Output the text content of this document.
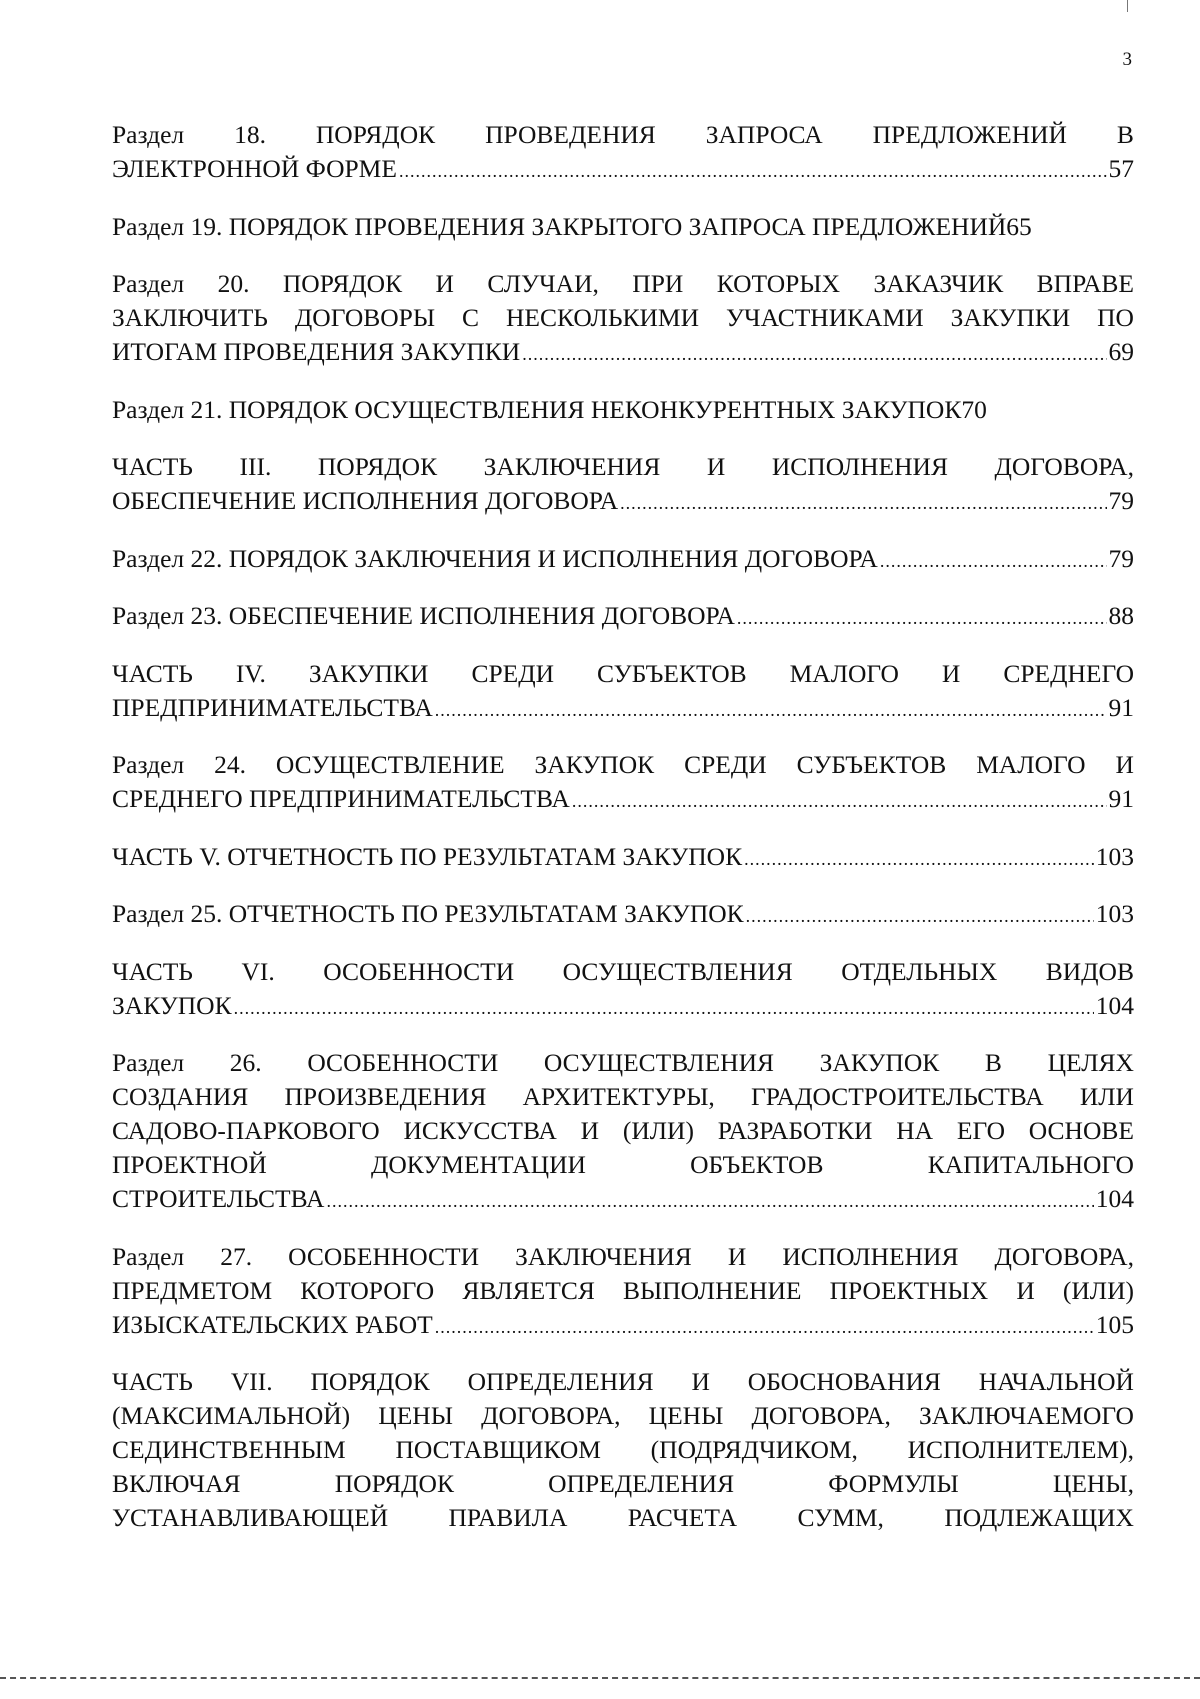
3
Раздел 18. ПОРЯДОК ПРОВЕДЕНИЯ ЗАПРОСА ПРЕДЛОЖЕНИЙ В
ЭЛЕКТРОННОЙ ФОРМЕ .....	57
Раздел 19. ПОРЯДОК ПРОВЕДЕНИЯ ЗАКРЫТОГО ЗАПРОСА ПРЕДЛОЖЕНИЙ 65
Раздел 20. ПОРЯДОК И СЛУЧАИ, ПРИ КОТОРЫХ ЗАКАЗЧИК ВПРАВЕ
ЗАКЛЮЧИТЬ ДОГОВОРЫ С НЕСКОЛЬКИМИ УЧАСТНИКАМИ ЗАКУПКИ ПО
ИТОГАМ ПРОВЕДЕНИЯ ЗАКУПКИ .....	69
Раздел 21. ПОРЯДОК ОСУЩЕСТВЛЕНИЯ НЕКОНКУРЕНТНЫХ ЗАКУПОК 70
ЧАСТЬ III. ПОРЯДОК ЗАКЛЮЧЕНИЯ И ИСПОЛНЕНИЯ ДОГОВОРА,
ОБЕСПЕЧЕНИЕ ИСПОЛНЕНИЯ ДОГОВОРА .....	79
Раздел 22. ПОРЯДОК ЗАКЛЮЧЕНИЯ И ИСПОЛНЕНИЯ ДОГОВОРА .....	79
Раздел 23. ОБЕСПЕЧЕНИЕ ИСПОЛНЕНИЯ ДОГОВОРА .....	88
ЧАСТЬ IV. ЗАКУПКИ СРЕДИ СУБЪЕКТОВ МАЛОГО И СРЕДНЕГО
ПРЕДПРИНИМАТЕЛЬСТВА .....	91
Раздел 24. ОСУЩЕСТВЛЕНИЕ ЗАКУПОК СРЕДИ СУБЪЕКТОВ МАЛОГО И
СРЕДНЕГО ПРЕДПРИНИМАТЕЛЬСТВА .....	91
ЧАСТЬ V. ОТЧЕТНОСТЬ ПО РЕЗУЛЬТАТАМ ЗАКУПОК .....	103
Раздел 25. ОТЧЕТНОСТЬ ПО РЕЗУЛЬТАТАМ ЗАКУПОК .....	103
ЧАСТЬ VI. ОСОБЕННОСТИ ОСУЩЕСТВЛЕНИЯ ОТДЕЛЬНЫХ ВИДОВ
ЗАКУПОК .....	104
Раздел 26. ОСОБЕННОСТИ ОСУЩЕСТВЛЕНИЯ ЗАКУПОК В ЦЕЛЯХ
СОЗДАНИЯ ПРОИЗВЕДЕНИЯ АРХИТЕКТУРЫ, ГРАДОСТРОИТЕЛЬСТВА ИЛИ
САДОВО-ПАРКОВОГО ИСКУССТВА И (ИЛИ) РАЗРАБОТКИ НА ЕГО ОСНОВЕ
ПРОЕКТНОЙ	ДОКУМЕНТАЦИИ	ОБЪЕКТОВ	КАПИТАЛЬНОГО
СТРОИТЕЛЬСТВА .....	104
Раздел 27. ОСОБЕННОСТИ ЗАКЛЮЧЕНИЯ И ИСПОЛНЕНИЯ ДОГОВОРА,
ПРЕДМЕТОМ КОТОРОГО ЯВЛЯЕТСЯ ВЫПОЛНЕНИЕ ПРОЕКТНЫХ И (ИЛИ)
ИЗЫСКАТЕЛЬСКИХ РАБОТ .....	105
ЧАСТЬ VII. ПОРЯДОК ОПРЕДЕЛЕНИЯ И ОБОСНОВАНИЯ НАЧАЛЬНОЙ
(МАКСИМАЛЬНОЙ) ЦЕНЫ ДОГОВОРА, ЦЕНЫ ДОГОВОРА, ЗАКЛЮЧАЕМОГО
СЕДИНСТВЕННЫМ ПОСТАВЩИКОМ (ПОДРЯДЧИКОМ, ИСПОЛНИТЕЛЕМ),
ВКЛЮЧАЯ	ПОРЯДОК	ОПРЕДЕЛЕНИЯ	ФОРМУЛЫ	ЦЕНЫ,
УСТАНАВЛИВАЮЩЕЙ ПРАВИЛА РАСЧЕТА СУММ, ПОДЛЕЖАЩИХ
